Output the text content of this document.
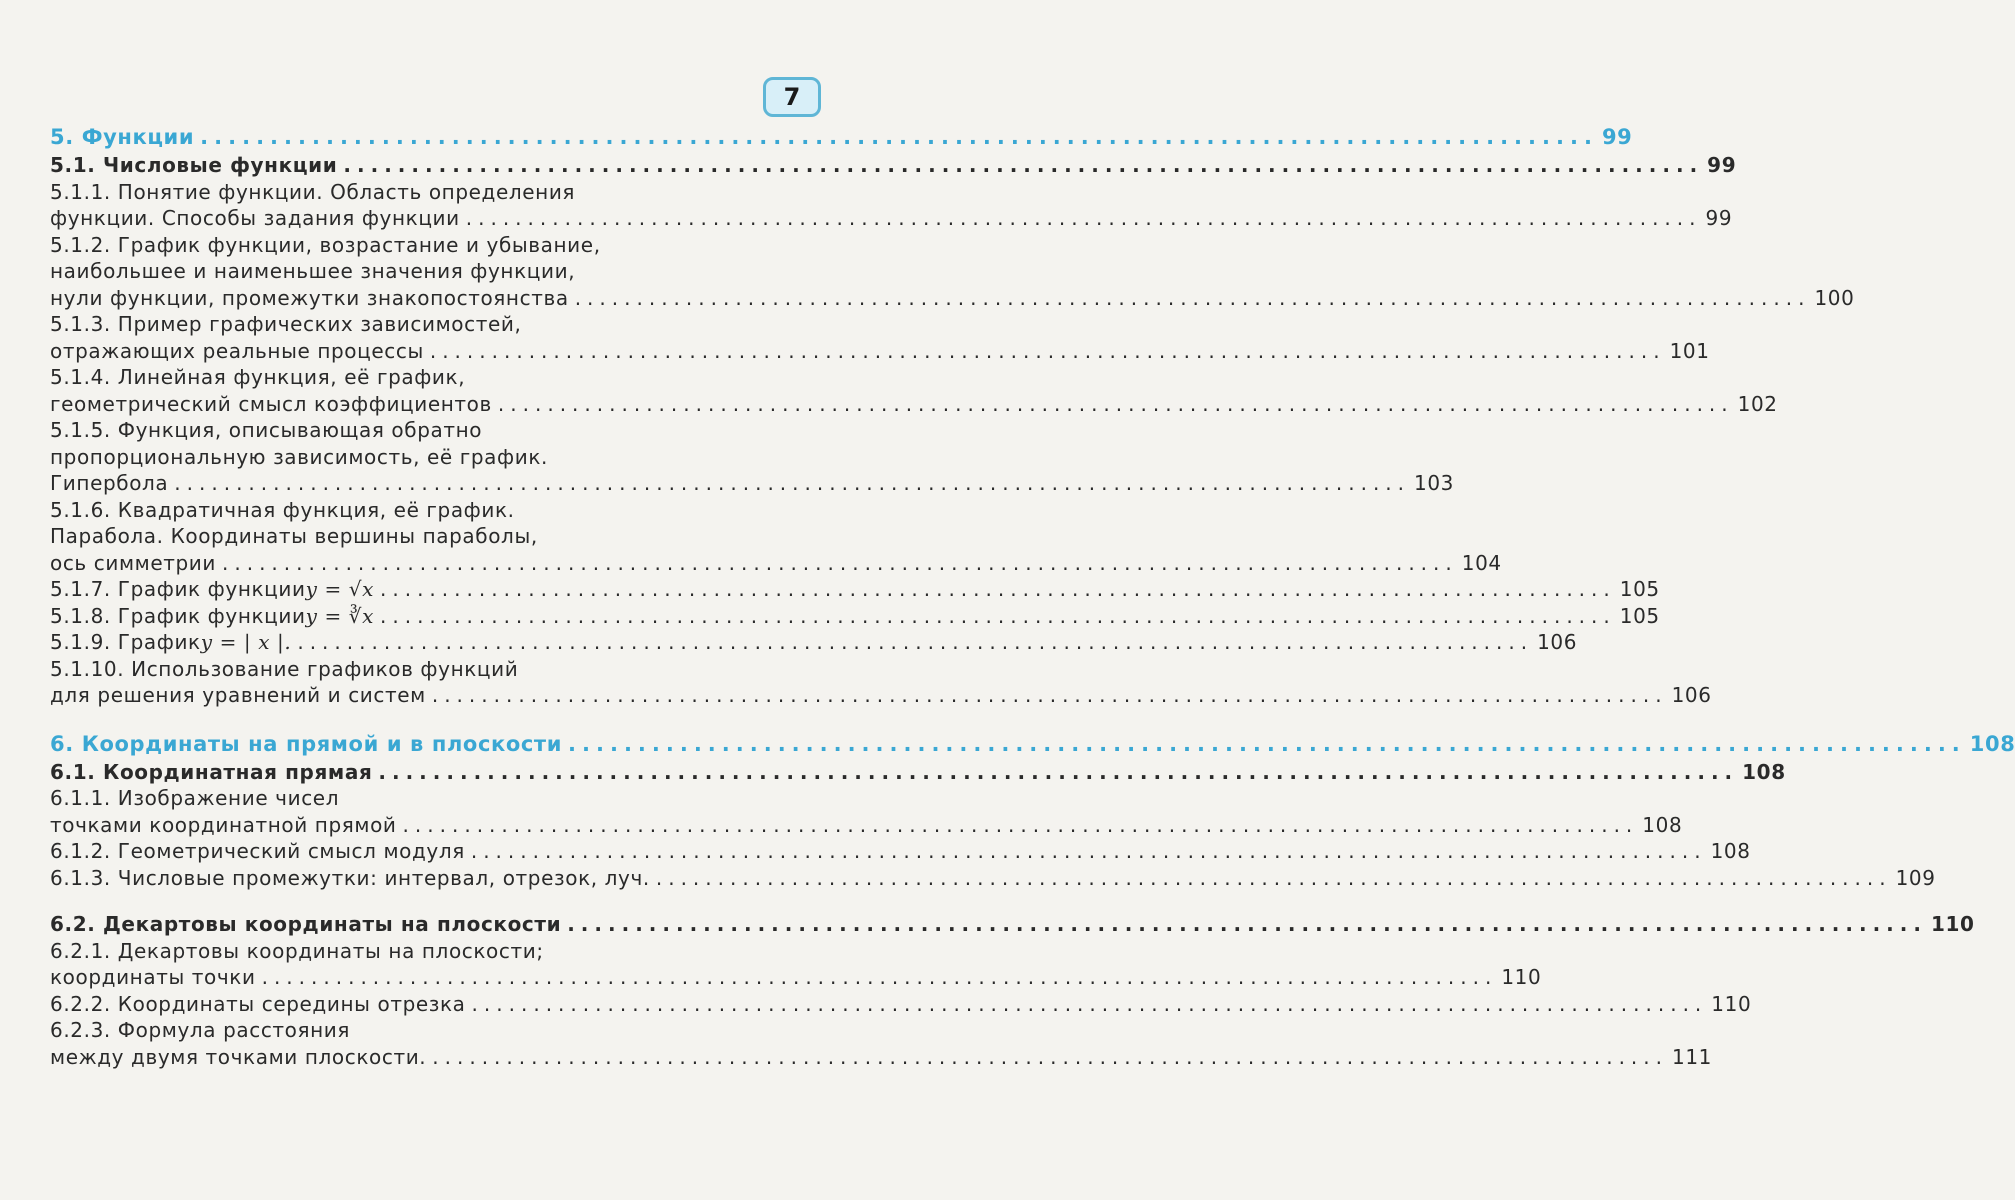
7
5. Функции .................................................................................................... 99
5.1. Числовые функции .................................................................................................... 99
5.1.1. Понятие функции. Область определения
функции. Способы задания функции .................................................................................................... 99
5.1.2. График функции, возрастание и убывание,
наибольшее и наименьшее значения функции,
нули функции, промежутки знакопостоянства .................................................................................................... 100
5.1.3. Пример графических зависимостей,
отражающих реальные процессы .................................................................................................... 101
5.1.4. Линейная функция, её график,
геометрический смысл коэффициентов .................................................................................................... 102
5.1.5. Функция, описывающая обратно
пропорциональную зависимость, её график.
Гипербола .................................................................................................... 103
5.1.6. Квадратичная функция, её график.
Парабола. Координаты вершины параболы,
ось симметрии .................................................................................................... 104
5.1.7. График функции y = √x .................................................................................................... 105
5.1.8. График функции y = ∛x .................................................................................................... 105
5.1.9. График y = | x |. .................................................................................................... 106
5.1.10. Использование графиков функций
для решения уравнений и систем .................................................................................................... 106
6. Координаты на прямой и в плоскости .................................................................................................... 108
6.1. Координатная прямая .................................................................................................... 108
6.1.1. Изображение чисел
точками координатной прямой .................................................................................................... 108
6.1.2. Геометрический смысл модуля .................................................................................................... 108
6.1.3. Числовые промежутки: интервал, отрезок, луч. .................................................................................................... 109
6.2. Декартовы координаты на плоскости .................................................................................................... 110
6.2.1. Декартовы координаты на плоскости;
координаты точки .................................................................................................... 110
6.2.2. Координаты середины отрезка .................................................................................................... 110
6.2.3. Формула расстояния
между двумя точками плоскости. .................................................................................................... 111
